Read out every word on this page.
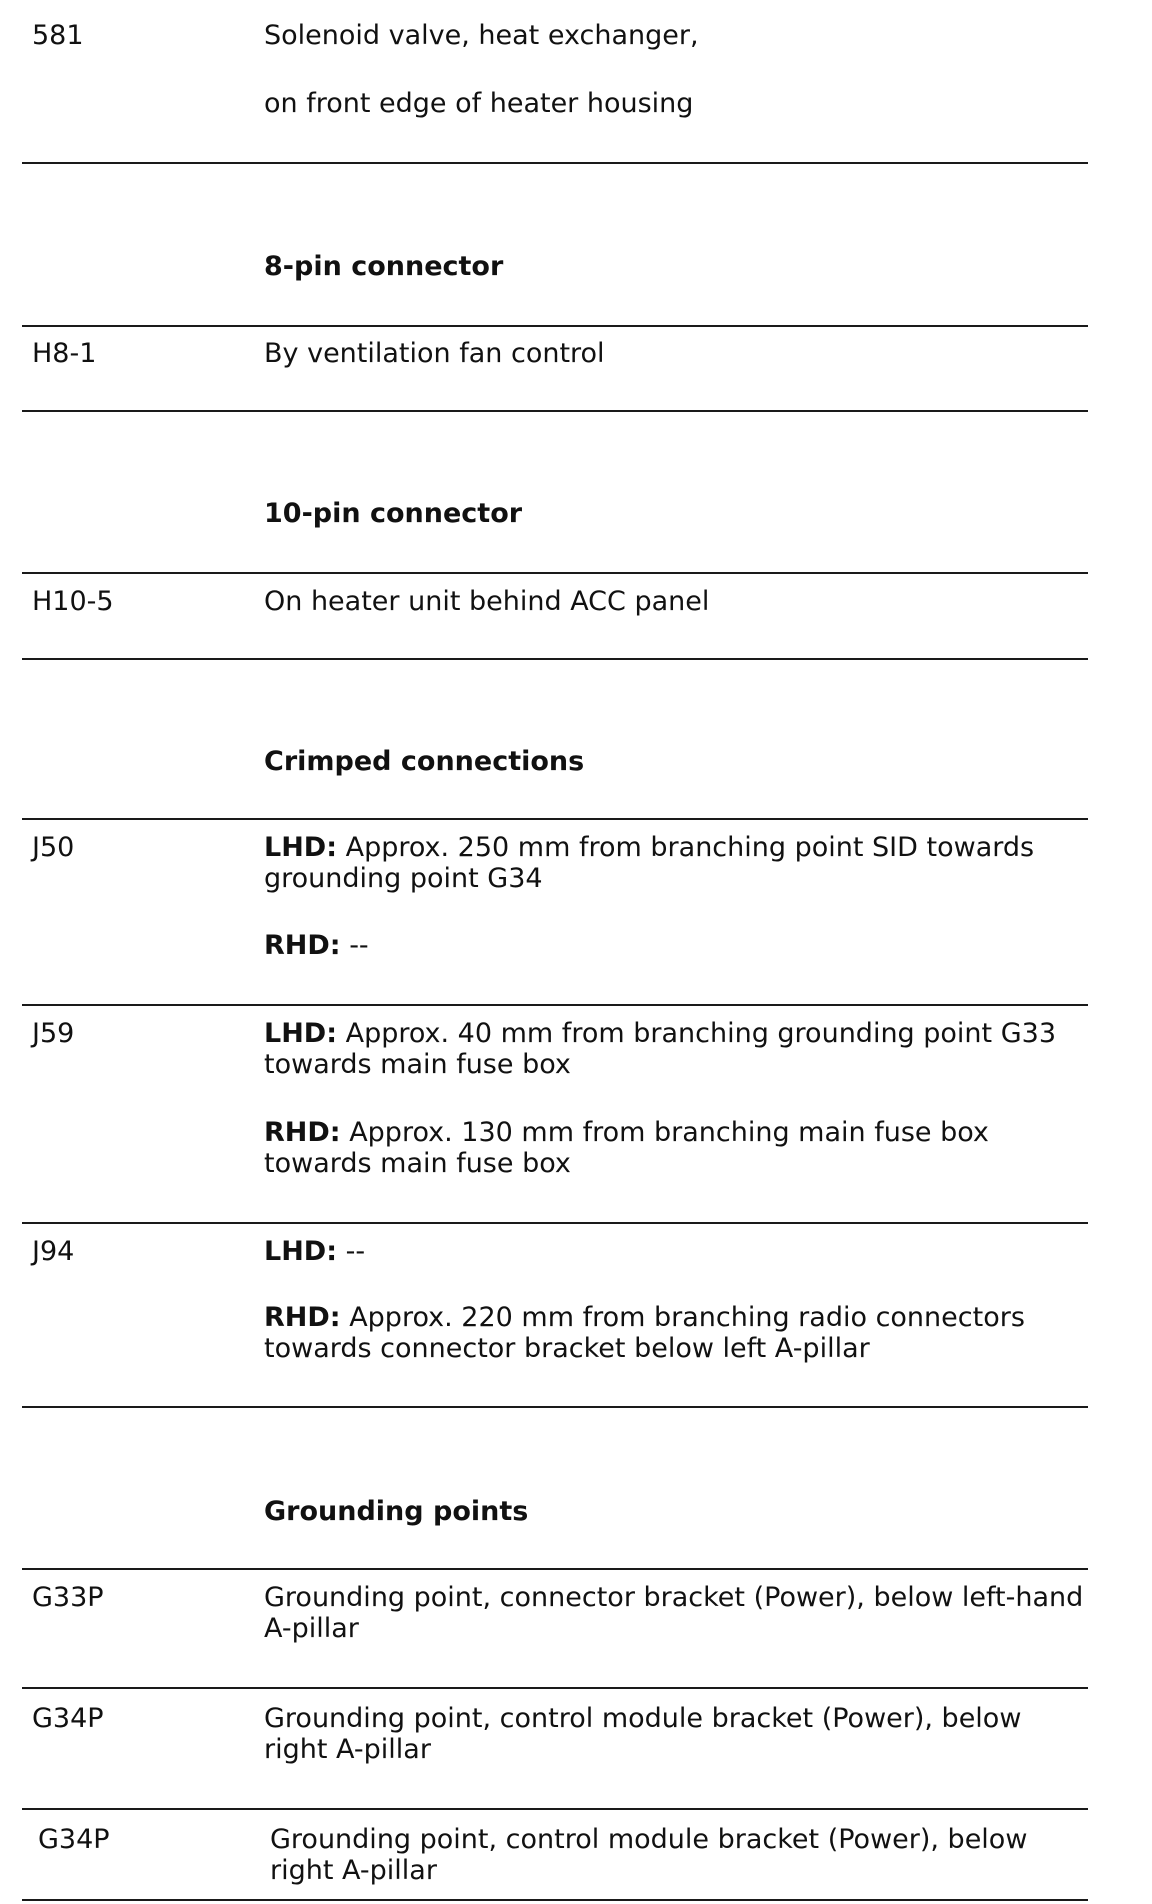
581	Solenoid valve, heat exchanger,
on front edge of heater housing
8-pin connector
H8-1	By ventilation fan control
10-pin connector
H10-5	On heater unit behind ACC panel
Crimped connections
J50	LHD: Approx. 250 mm from branching point SID towards grounding point G34
RHD: --
J59	LHD: Approx. 40 mm from branching grounding point G33 towards main fuse box
RHD: Approx. 130 mm from branching main fuse box towards main fuse box
J94	LHD: --
RHD: Approx. 220 mm from branching radio connectors towards connector bracket below left A-pillar
Grounding points
G33P	Grounding point, connector bracket (Power), below left-hand A-pillar
G34P	Grounding point, control module bracket (Power), below right A-pillar
G34P	Grounding point, control module bracket (Power), below right A-pillar
